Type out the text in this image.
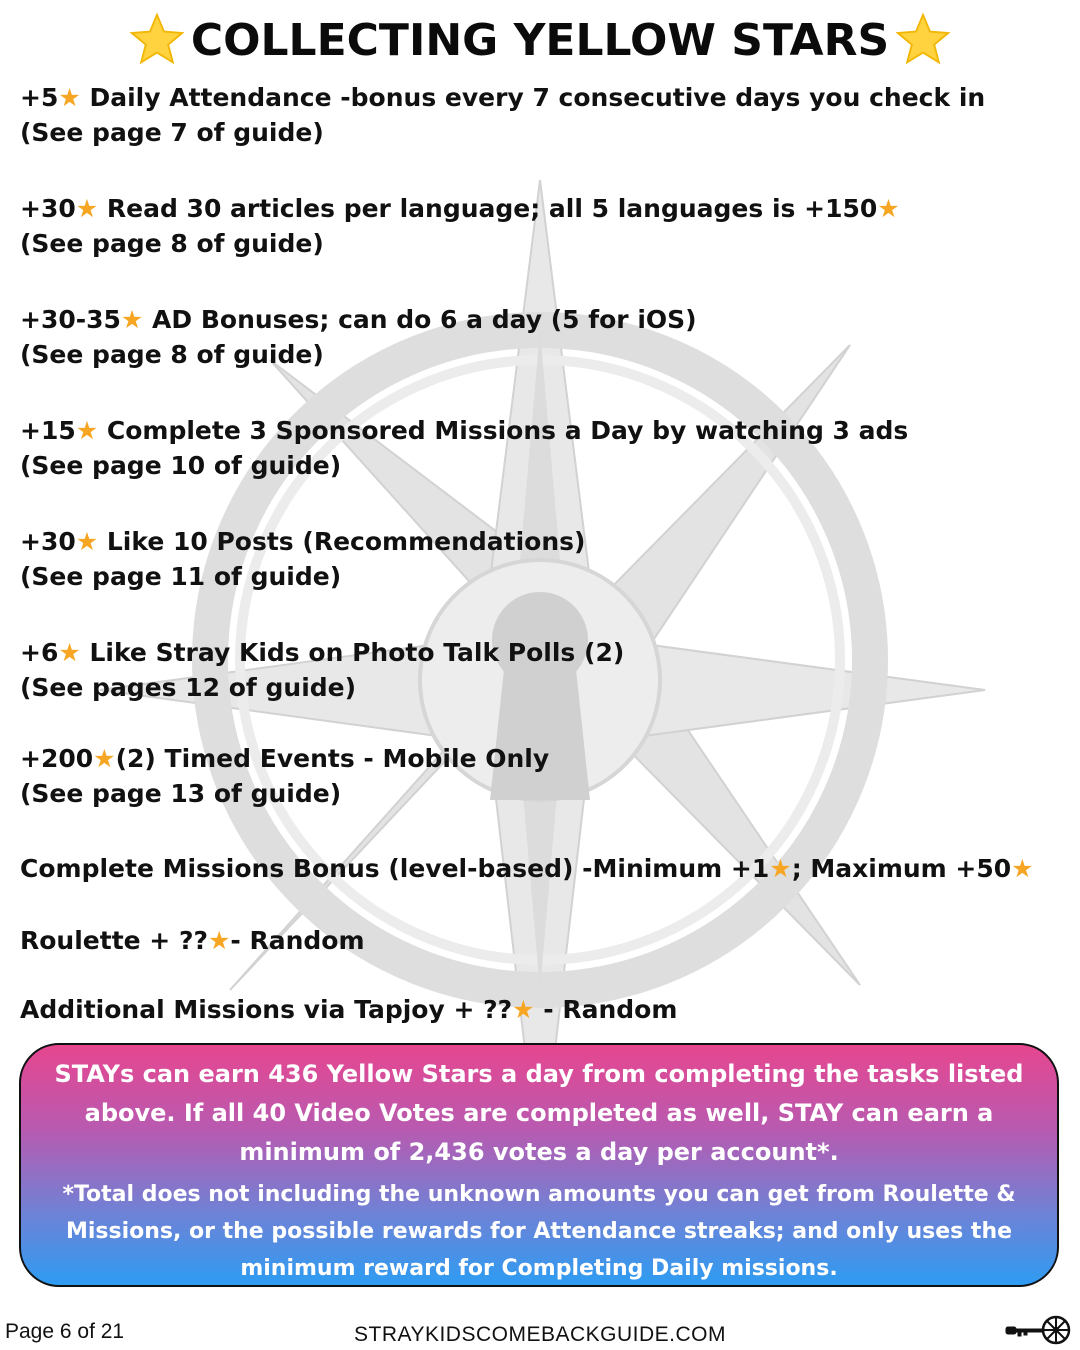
COLLECTING YELLOW STARS
+5★ Daily Attendance -bonus every 7 consecutive days you check in
(See page 7 of guide)
+30★ Read 30 articles per language; all 5 languages is +150★
(See page 8 of guide)
+30-35★ AD Bonuses; can do 6 a day (5 for iOS)
(See page 8 of guide)
+15★ Complete 3 Sponsored Missions a Day by watching 3 ads
(See page 10 of guide)
+30★ Like 10 Posts (Recommendations)
(See page 11 of guide)
+6★ Like Stray Kids on Photo Talk Polls (2)
(See pages 12 of guide)
+200★(2) Timed Events - Mobile Only
(See page 13 of guide)
Complete Missions Bonus (level-based) -Minimum +1★; Maximum +50★
Roulette + ??★- Random
Additional Missions via Tapjoy + ??★ - Random

STAYs can earn 436 Yellow Stars a day from completing the tasks listed above. If all 40 Video Votes are completed as well, STAY can earn a minimum of 2,436 votes a day per account*.

*Total does not including the unknown amounts you can get from Roulette & Missions, or the possible rewards for Attendance streaks; and only uses the minimum reward for Completing Daily missions.

Page 6 of 21	STRAYKIDSCOMEBACKGUIDE.COM
